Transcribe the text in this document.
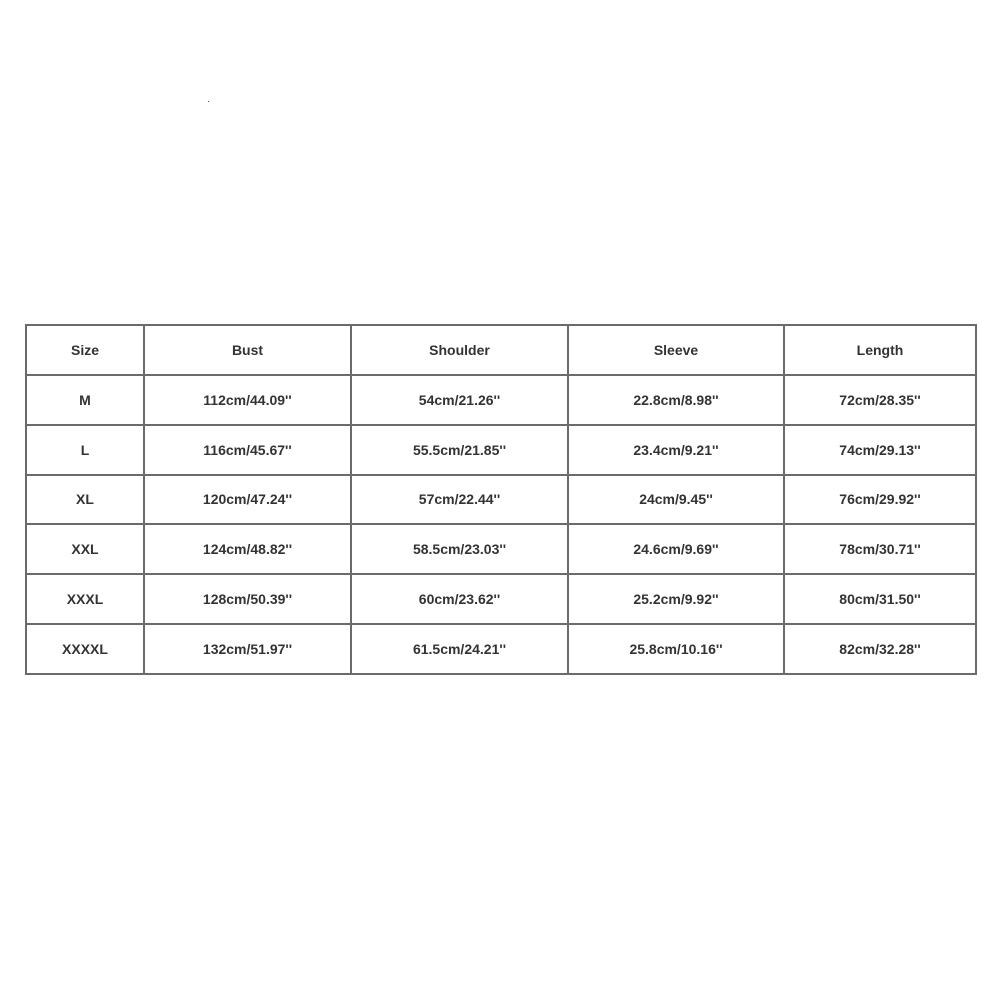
Size	Bust	Shoulder	Sleeve	Length
M	112cm/44.09''	54cm/21.26''	22.8cm/8.98''	72cm/28.35''
L	116cm/45.67''	55.5cm/21.85''	23.4cm/9.21''	74cm/29.13''
XL	120cm/47.24''	57cm/22.44''	24cm/9.45''	76cm/29.92''
XXL	124cm/48.82''	58.5cm/23.03''	24.6cm/9.69''	78cm/30.71''
XXXL	128cm/50.39''	60cm/23.62''	25.2cm/9.92''	80cm/31.50''
XXXXL	132cm/51.97''	61.5cm/24.21''	25.8cm/10.16''	82cm/32.28''
